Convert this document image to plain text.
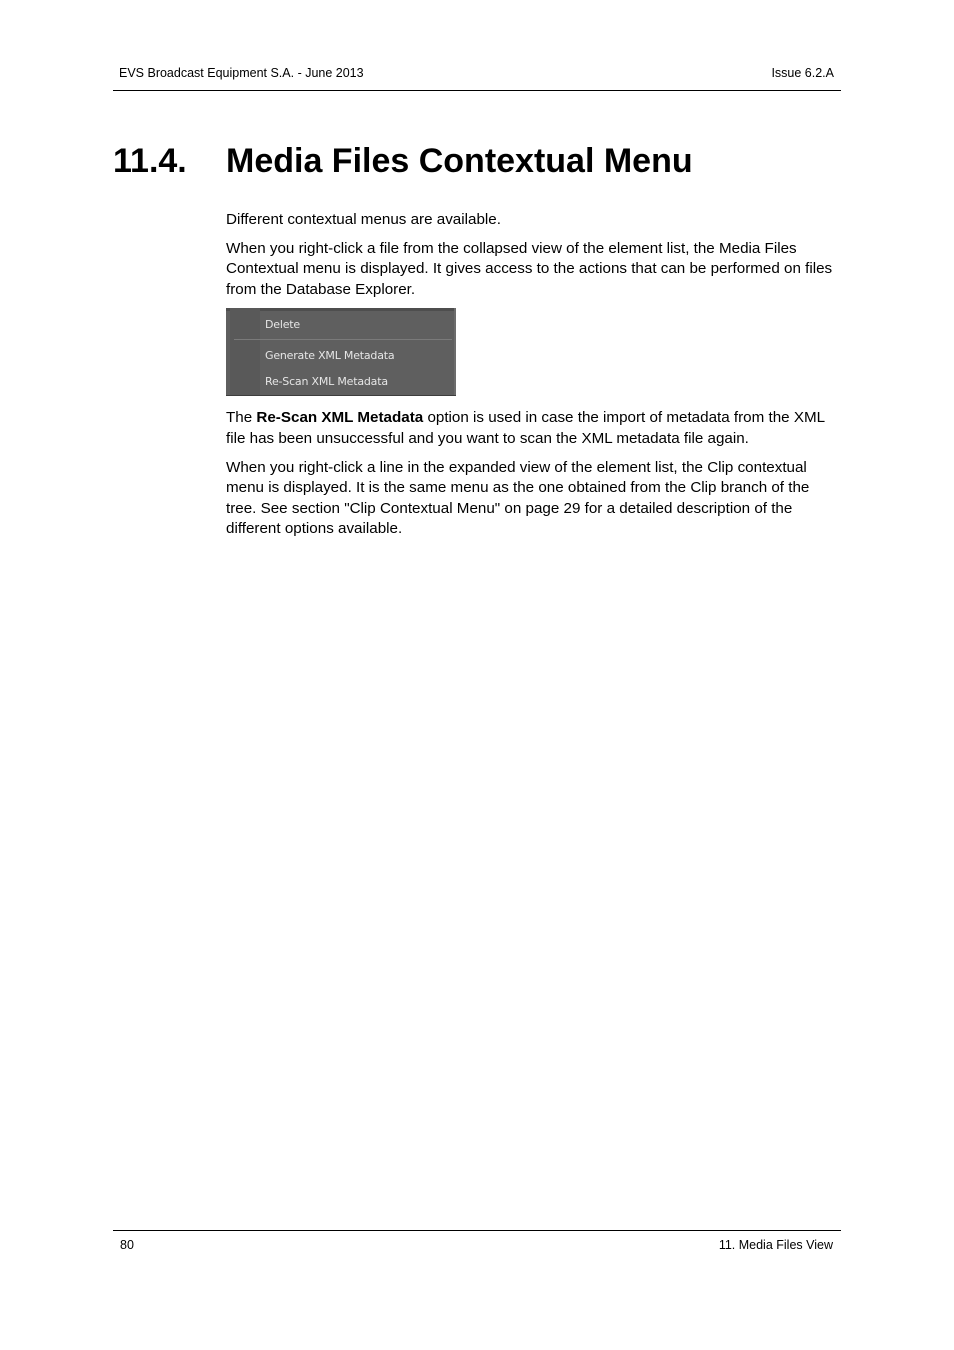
EVS Broadcast Equipment S.A. - June 2013	Issue 6.2.A
11.4. Media Files Contextual Menu

Different contextual menus are available.

When you right-click a file from the collapsed view of the element list, the Media Files Contextual menu is displayed. It gives access to the actions that can be performed on files from the Database Explorer.

Delete
Generate XML Metadata
Re-Scan XML Metadata

The Re-Scan XML Metadata option is used in case the import of metadata from the XML file has been unsuccessful and you want to scan the XML metadata file again.

When you right-click a line in the expanded view of the element list, the Clip contextual menu is displayed. It is the same menu as the one obtained from the Clip branch of the tree. See section "Clip Contextual Menu" on page 29 for a detailed description of the different options available.

80	11. Media Files View
